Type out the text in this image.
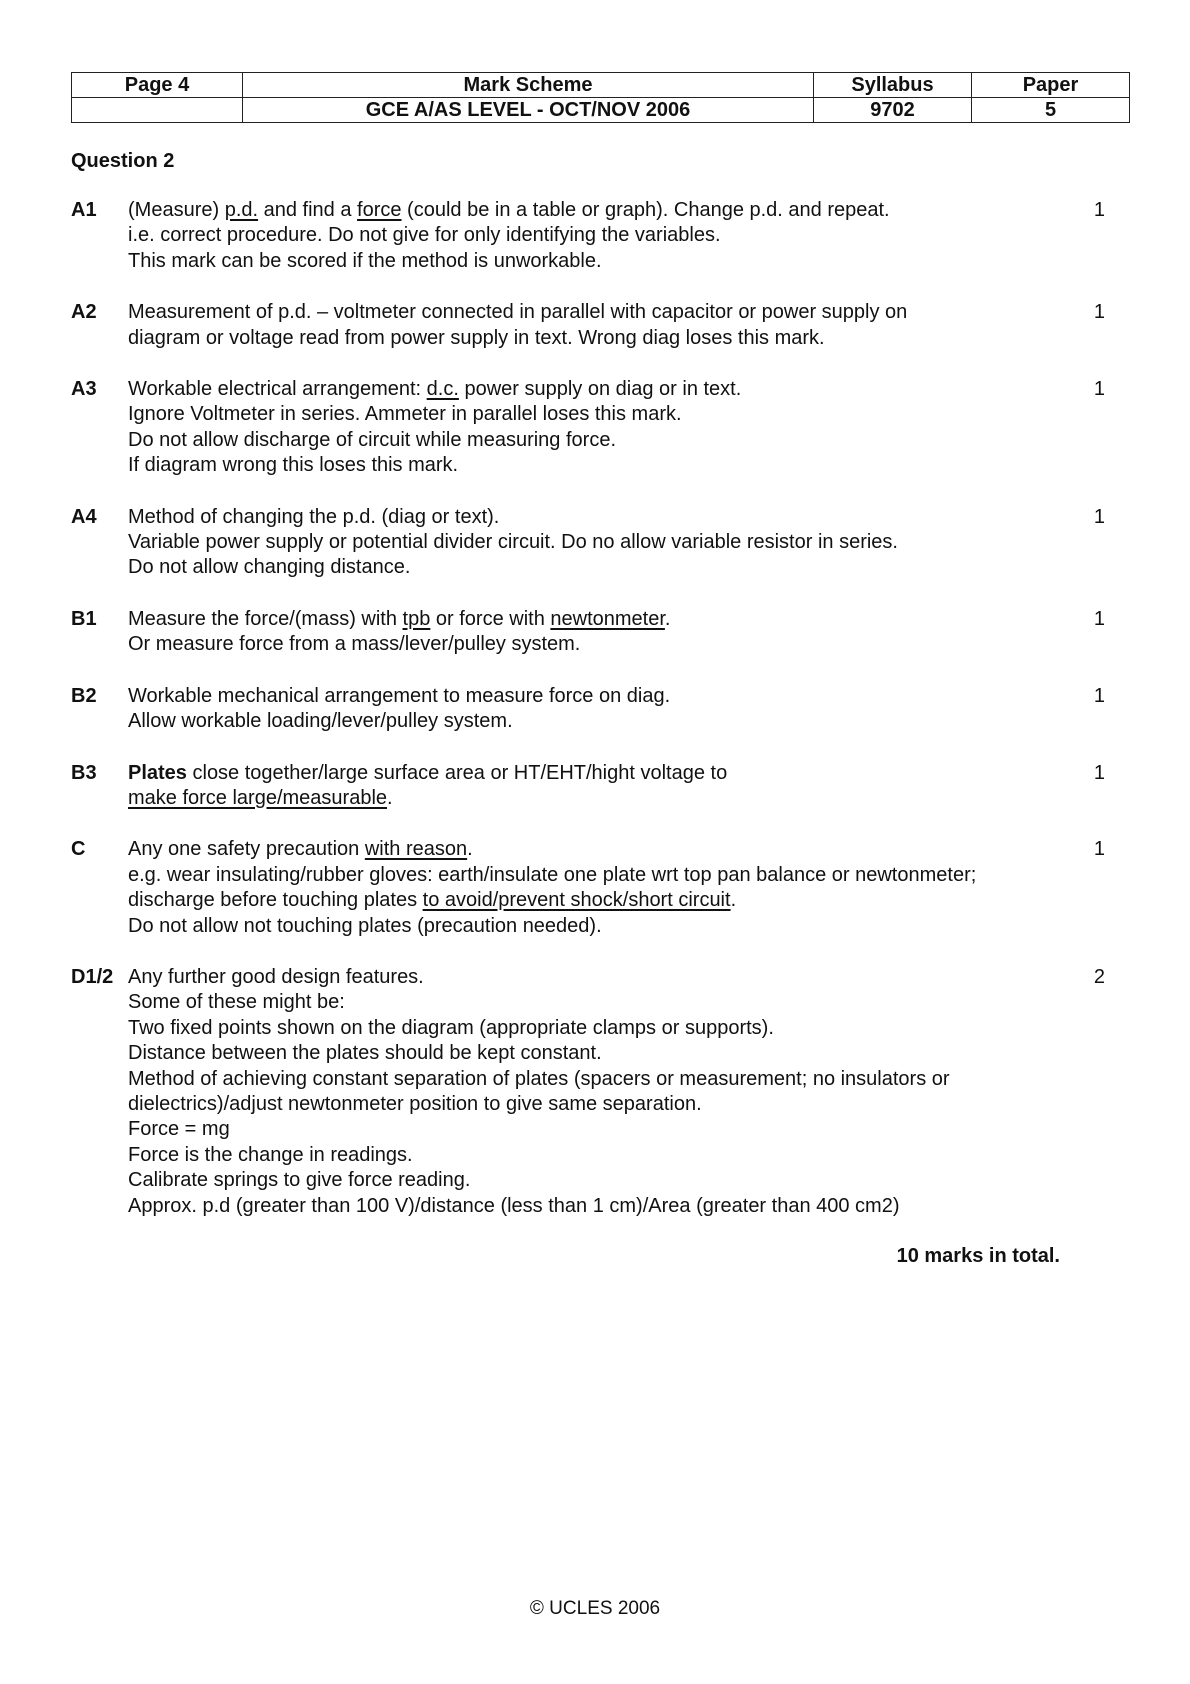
Page 4	Mark Scheme	Syllabus	Paper
	GCE A/AS LEVEL - OCT/NOV 2006	9702	5
Question 2
A1	(Measure) p.d. and find a force (could be in a table or graph). Change p.d. and repeat.
i.e. correct procedure. Do not give for only identifying the variables.
This mark can be scored if the method is unworkable.
1
A2	Measurement of p.d. – voltmeter connected in parallel with capacitor or power supply on
diagram or voltage read from power supply in text. Wrong diag loses this mark.
1
A3	Workable electrical arrangement: d.c. power supply on diag or in text.
Ignore Voltmeter in series. Ammeter in parallel loses this mark.
Do not allow discharge of circuit while measuring force.
If diagram wrong this loses this mark.
1
A4	Method of changing the p.d. (diag or text).
Variable power supply or potential divider circuit. Do no allow variable resistor in series.
Do not allow changing distance.
1
B1	Measure the force/(mass) with tpb or force with newtonmeter.
Or measure force from a mass/lever/pulley system.
1
B2	Workable mechanical arrangement to measure force on diag.
Allow workable loading/lever/pulley system.
1
B3	Plates close together/large surface area or HT/EHT/hight voltage to
make force large/measurable.
1
C	Any one safety precaution with reason.
e.g. wear insulating/rubber gloves: earth/insulate one plate wrt top pan balance or newtonmeter;
discharge before touching plates to avoid/prevent shock/short circuit.
Do not allow not touching plates (precaution needed).
1
D1/2 Any further good design features.
Some of these might be:
Two fixed points shown on the diagram (appropriate clamps or supports).
Distance between the plates should be kept constant.
Method of achieving constant separation of plates (spacers or measurement; no insulators or
dielectrics)/adjust newtonmeter position to give same separation.
Force = mg
Force is the change in readings.
Calibrate springs to give force reading.
Approx. p.d (greater than 100 V)/distance (less than 1 cm)/Area (greater than 400 cm2)
2
10 marks in total.
© UCLES 2006
